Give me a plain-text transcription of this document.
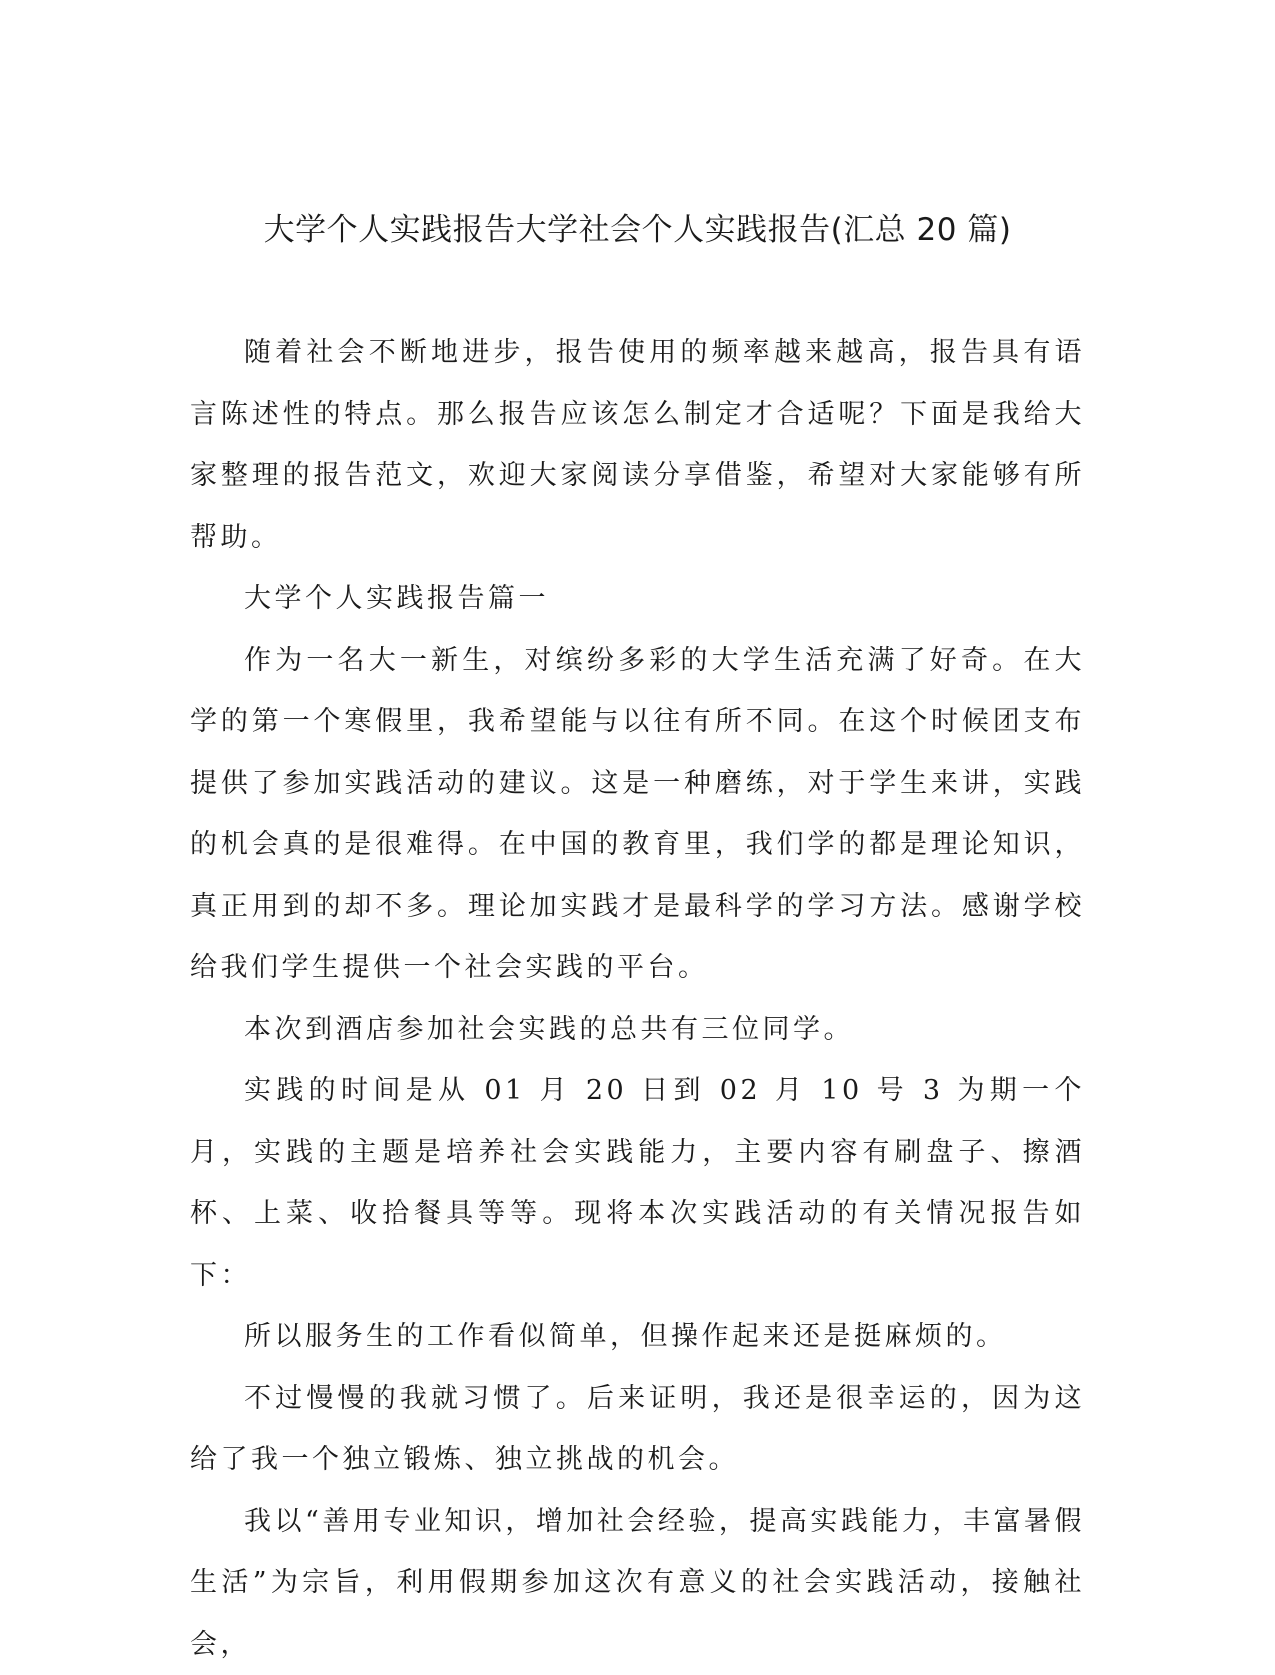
大学个人实践报告大学社会个人实践报告(汇总 20 篇)

随着社会不断地进步，报告使用的频率越来越高，报告具有语言陈述性的特点。那么报告应该怎么制定才合适呢？下面是我给大家整理的报告范文，欢迎大家阅读分享借鉴，希望对大家能够有所帮助。

大学个人实践报告篇一

作为一名大一新生，对缤纷多彩的大学生活充满了好奇。在大学的第一个寒假里，我希望能与以往有所不同。在这个时候团支布提供了参加实践活动的建议。这是一种磨练，对于学生来讲，实践的机会真的是很难得。在中国的教育里，我们学的都是理论知识，真正用到的却不多。理论加实践才是最科学的学习方法。感谢学校给我们学生提供一个社会实践的平台。

本次到酒店参加社会实践的总共有三位同学。

实践的时间是从 01 月 20 日到 02 月 10 号 3 为期一个月，实践的主题是培养社会实践能力，主要内容有刷盘子、擦酒杯、上菜、收拾餐具等等。现将本次实践活动的有关情况报告如下：

所以服务生的工作看似简单，但操作起来还是挺麻烦的。

不过慢慢的我就习惯了。后来证明，我还是很幸运的，因为这给了我一个独立锻炼、独立挑战的机会。

我以“善用专业知识，增加社会经验，提高实践能力，丰富暑假生活”为宗旨，利用假期参加这次有意义的社会实践活动，接触社会，
